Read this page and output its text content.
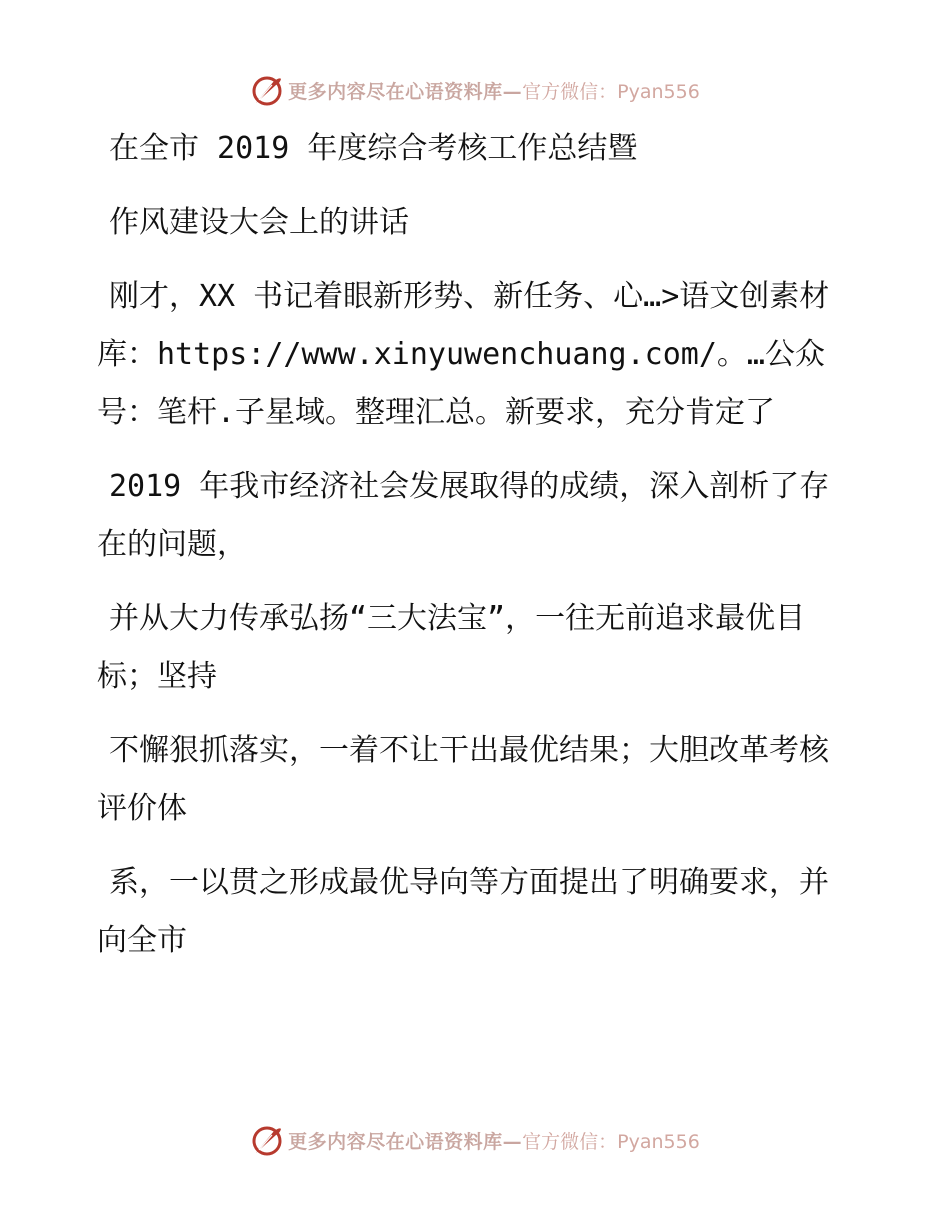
更多内容尽在心语资料库— 官方微信：Pyan556

在全市 2019 年度综合考核工作总结暨

作风建设大会上的讲话

刚才，XX 书记着眼新形势、新任务、心…>语文创素材库：https://www.xinyuwenchuang.com/。…公众号：笔杆.子星域。整理汇总。新要求，充分肯定了

2019 年我市经济社会发展取得的成绩，深入剖析了存在的问题，

并从大力传承弘扬“三大法宝”，一往无前追求最优目标；坚持

不懈狠抓落实，一着不让干出最优结果；大胆改革考核评价体

系，一以贯之形成最优导向等方面提出了明确要求，并向全市

更多内容尽在心语资料库— 官方微信：Pyan556
